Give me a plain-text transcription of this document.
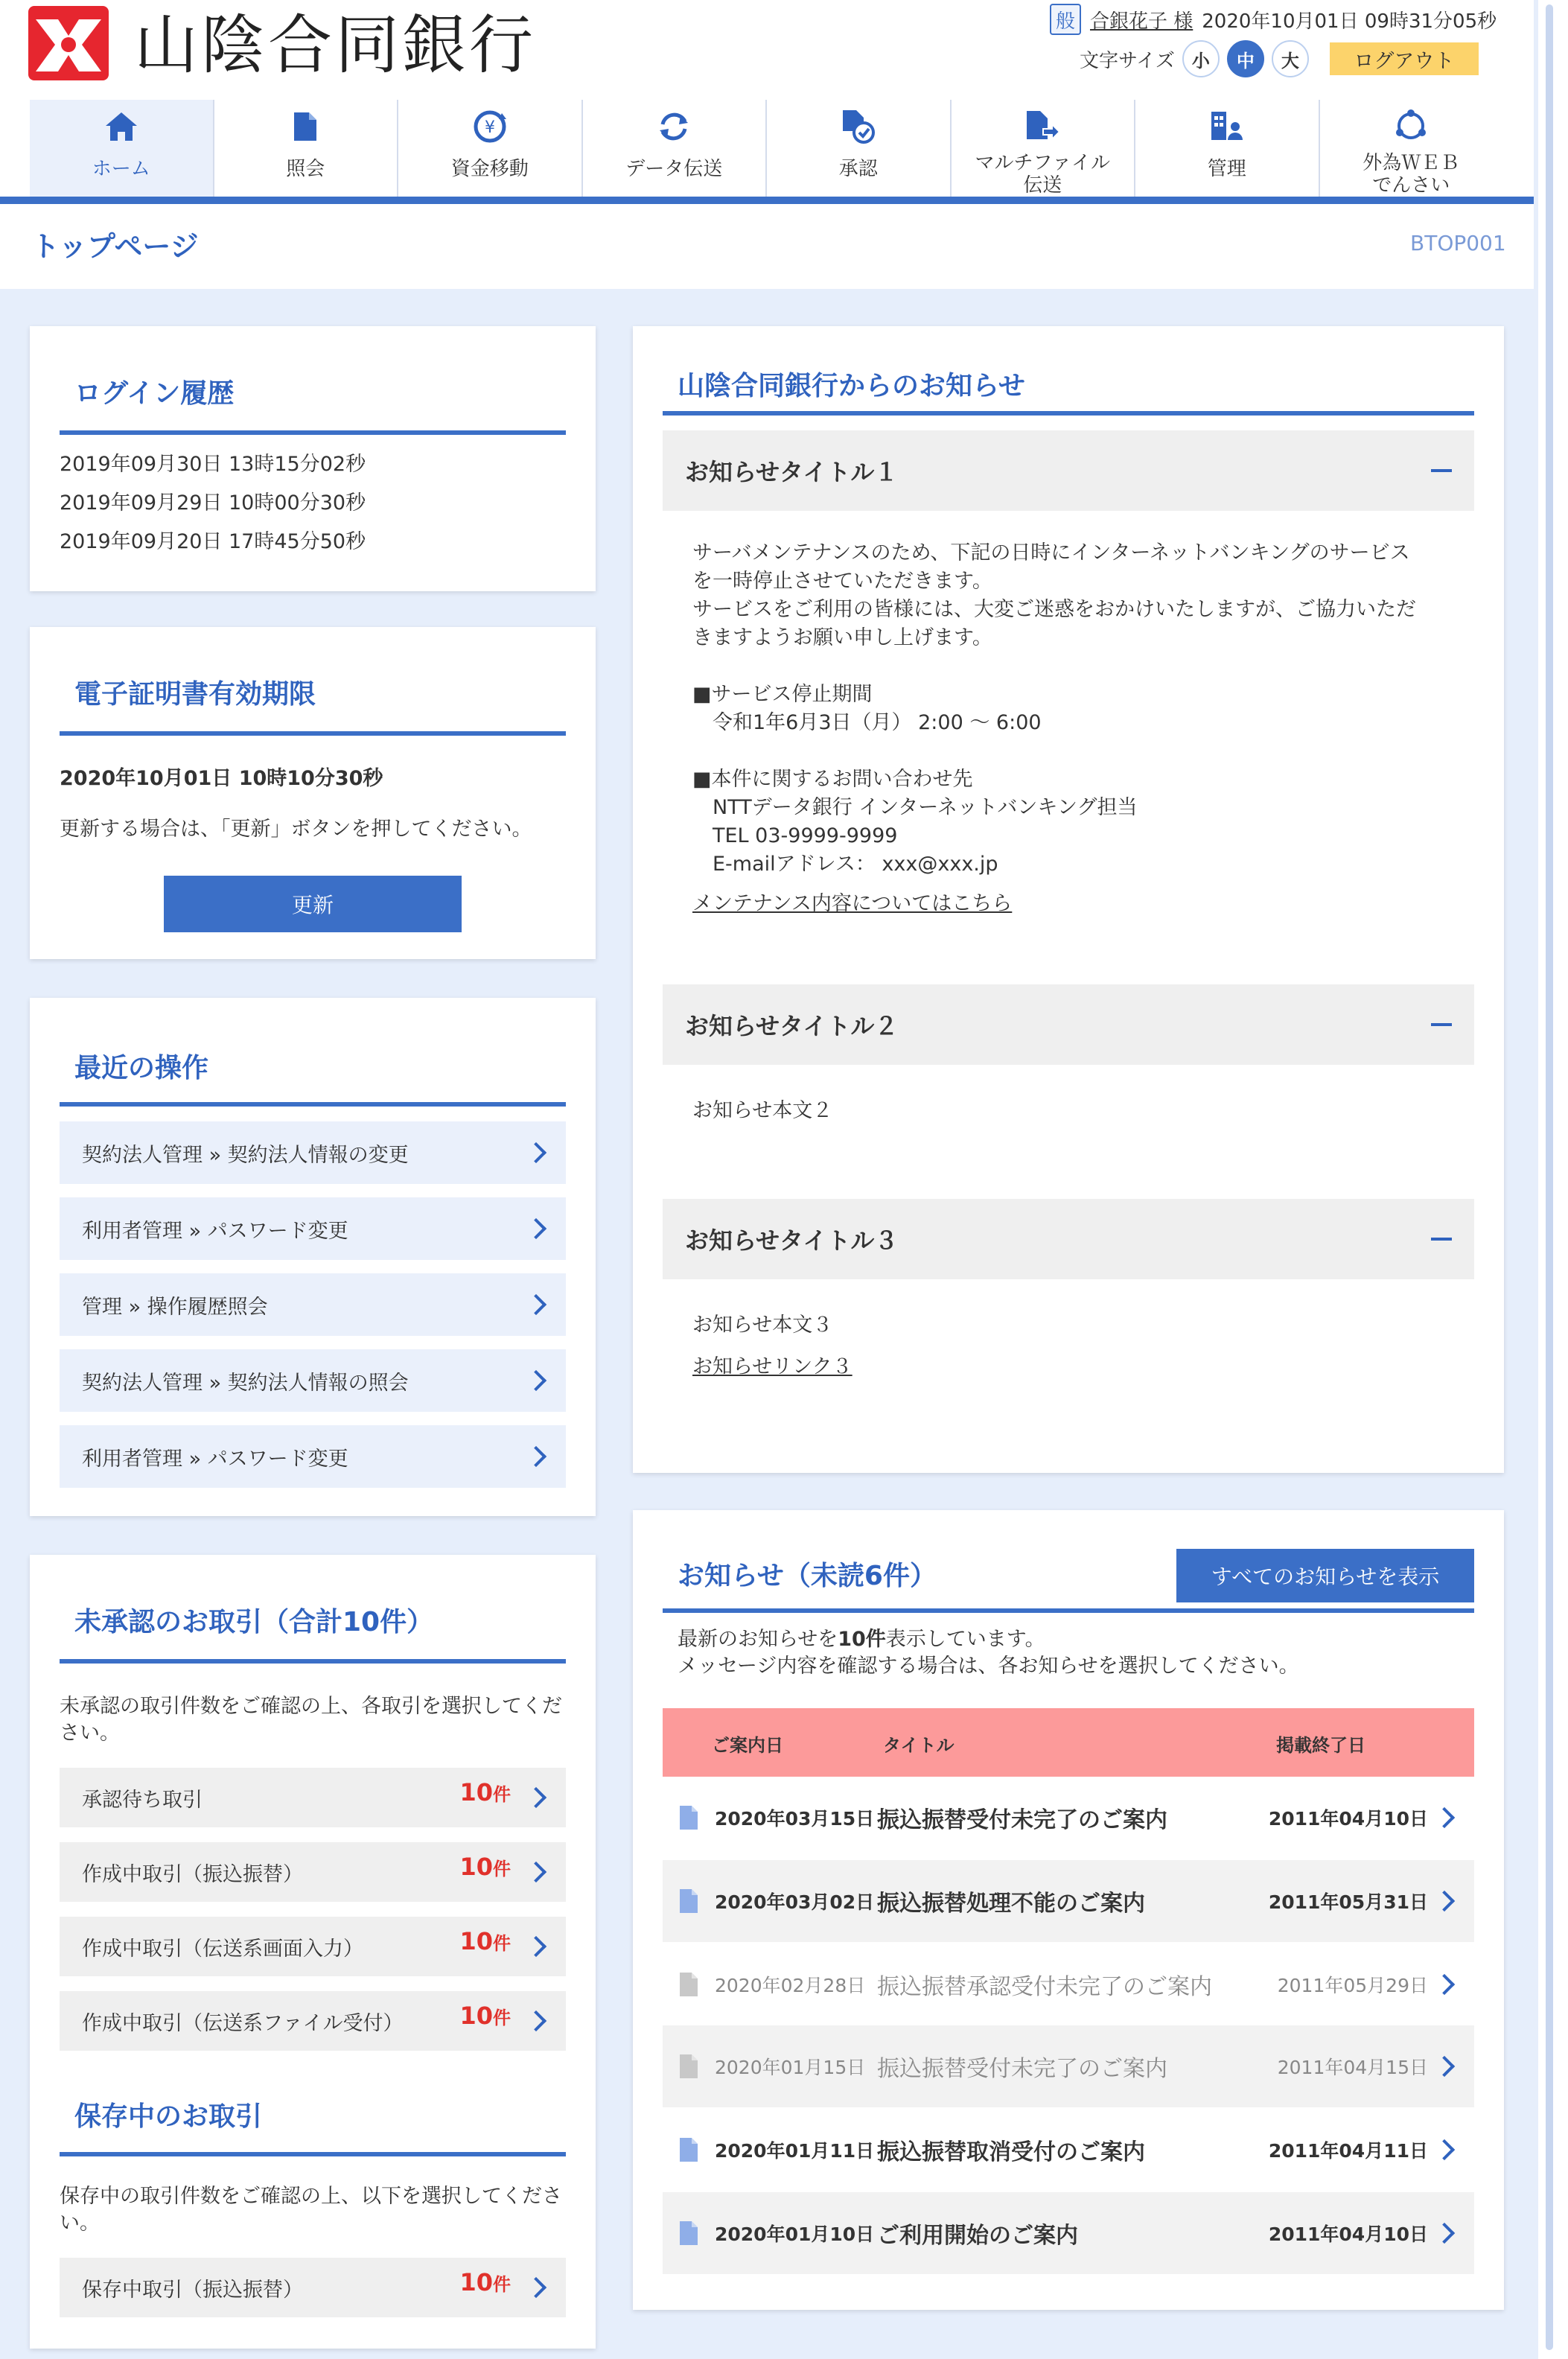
山陰合同銀行	般 合銀花子 様 2020年10月01日 09時31分05秒
文字サイズ 小	中	大	ログアウト
ホーム	照会
¥
資金移動	データ伝送	承認	マルチファイル
伝送
管理	外為ＷＥＢ
でんさい
トップページ	BTOP001
ログイン履歴
2019年09月30日 13時15分02秒
2019年09月29日 10時00分30秒
2019年09月20日 17時45分50秒
電子証明書有効期限
2020年10月01日 10時10分30秒
更新する場合は、「更新」ボタンを押してください。
更新
最近の操作
契約法人管理 » 契約法人情報の変更
利用者管理 » パスワード変更
管理 » 操作履歴照会
契約法人管理 » 契約法人情報の照会
利用者管理 » パスワード変更
未承認のお取引（合計10件）
未承認の取引件数をご確認の上、各取引を選択してください。
承認待ち取引	10件
作成中取引（振込振替）	10件
作成中取引（伝送系画面入力）	10件
作成中取引（伝送系ファイル受付） 10件
保存中のお取引
保存中の取引件数をご確認の上、以下を選択してください。
保存中取引（振込振替）	10件
山陰合同銀行からのお知らせ
お知らせタイトル１
サーバメンテナンスのため、下記の日時にインターネットバンキングのサービス
を一時停止させていただきます。
サービスをご利用の皆様には、大変ご迷惑をおかけいたしますが、ご協力いただ
きますようお願い申し上げます。
■サービス停止期間
　令和1年6月3日（月） 2:00 ～ 6:00
■本件に関するお問い合わせ先
　NTTデータ銀行 インターネットバンキング担当
　TEL 03-9999-9999
　E-mailアドレス： xxx@xxx.jp
メンテナンス内容についてはこちら
お知らせタイトル２
お知らせ本文２
お知らせタイトル３
お知らせ本文３
お知らせリンク３
お知らせ（未読6件）	すべてのお知らせを表示
最新のお知らせを10件表示しています。
メッセージ内容を確認する場合は、各お知らせを選択してください。
ご案内日	タイトル	掲載終了日
2020年03月15日 振込振替受付未完了のご案内	2011年04月10日
2020年03月02日 振込振替処理不能のご案内	2011年05月31日
2020年02月28日 振込振替承認受付未完了のご案内	2011年05月29日
2020年01月15日 振込振替受付未完了のご案内	2011年04月15日
2020年01月11日 振込振替取消受付のご案内	2011年04月11日
2020年01月10日 ご利用開始のご案内	2011年04月10日
